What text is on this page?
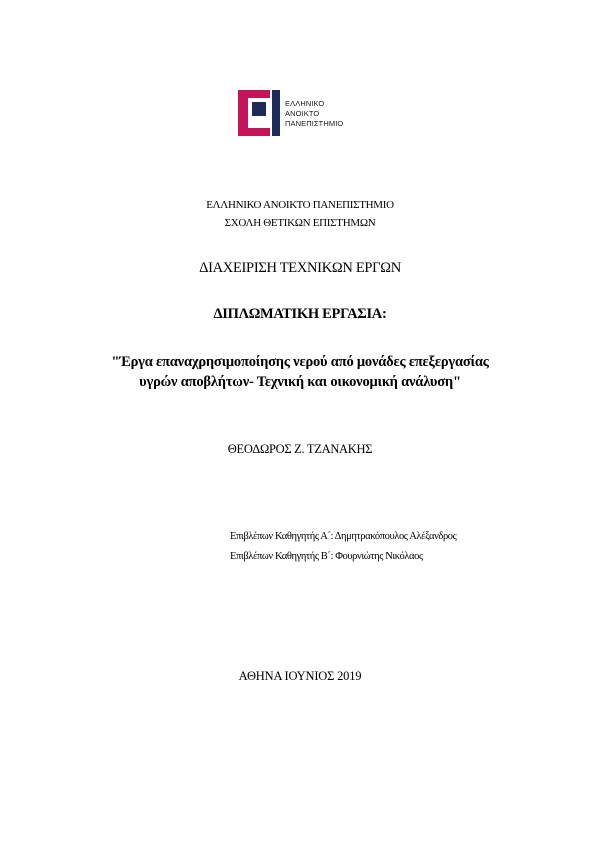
ΕΛΛΗΝΙΚΟ
ΑΝΟΙΚΤΟ
ΠΑΝΕΠΙΣΤΗΜΙΟ
ΕΛΛΗΝΙΚΟ ΑΝΟΙΚΤΟ ΠΑΝΕΠΙΣΤΗΜΙΟ
ΣΧΟΛΗ ΘΕΤΙΚΩΝ ΕΠΙΣΤΗΜΩΝ
ΔΙΑΧΕΙΡΙΣΗ ΤΕΧΝΙΚΩΝ ΕΡΓΩΝ
ΔΙΠΛΩΜΑΤΙΚΗ ΕΡΓΑΣΙΑ:
"Έργα επαναχρησιμοποίησης νερού από μονάδες επεξεργασίας
υγρών αποβλήτων- Τεχνική και οικονομική ανάλυση"
ΘΕΟΔΩΡΟΣ Ζ. ΤΖΑΝΑΚΗΣ
Επιβλέπων Καθηγητής Α΄: Δημητρακόπουλος Αλέξανδρος
Επιβλέπων Καθηγητής Β΄: Φουρνιώτης Νικόλαος
ΑΘΗΝΑ ΙΟΥΝΙΟΣ 2019
